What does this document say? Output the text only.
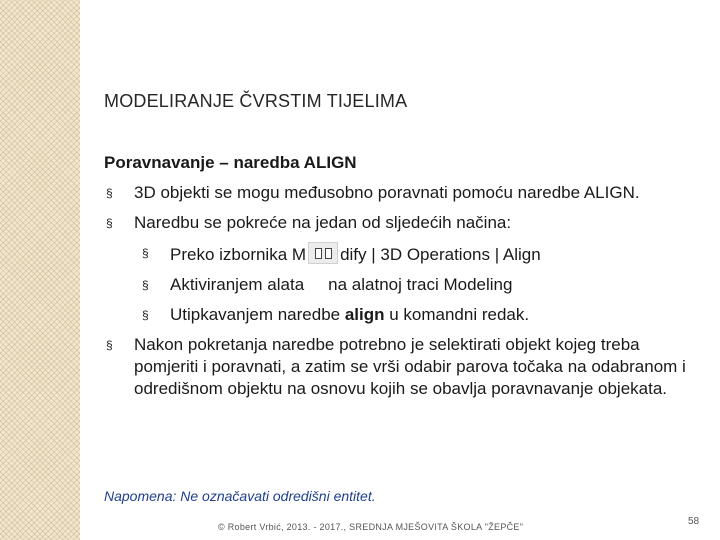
MODELIRANJE ČVRSTIM TIJELIMA
Poravnavanje – naredba ALIGN
§ 3D objekti se mogu međusobno poravnati pomoću naredbe ALIGN.
§ Naredbu se pokreće na jedan od sljedećih načina:
§ Preko izbornika M dify | 3D Operations | Align
§ Aktiviranjem alata na alatnoj traci Modeling
§ Utipkavanjem naredbe align u komandni redak.
§ Nakon pokretanja naredbe potrebno je selektirati objekt kojeg treba pomjeriti i poravnati, a zatim se vrši odabir parova točaka na odabranom i odredišnom objektu na osnovu kojih se obavlja poravnavanje objekata.
Napomena: Ne označavati odredišni entitet.
© Robert Vrbić, 2013. - 2017., SREDNJA MJEŠOVITA ŠKOLA "ŽEPČE"	58
